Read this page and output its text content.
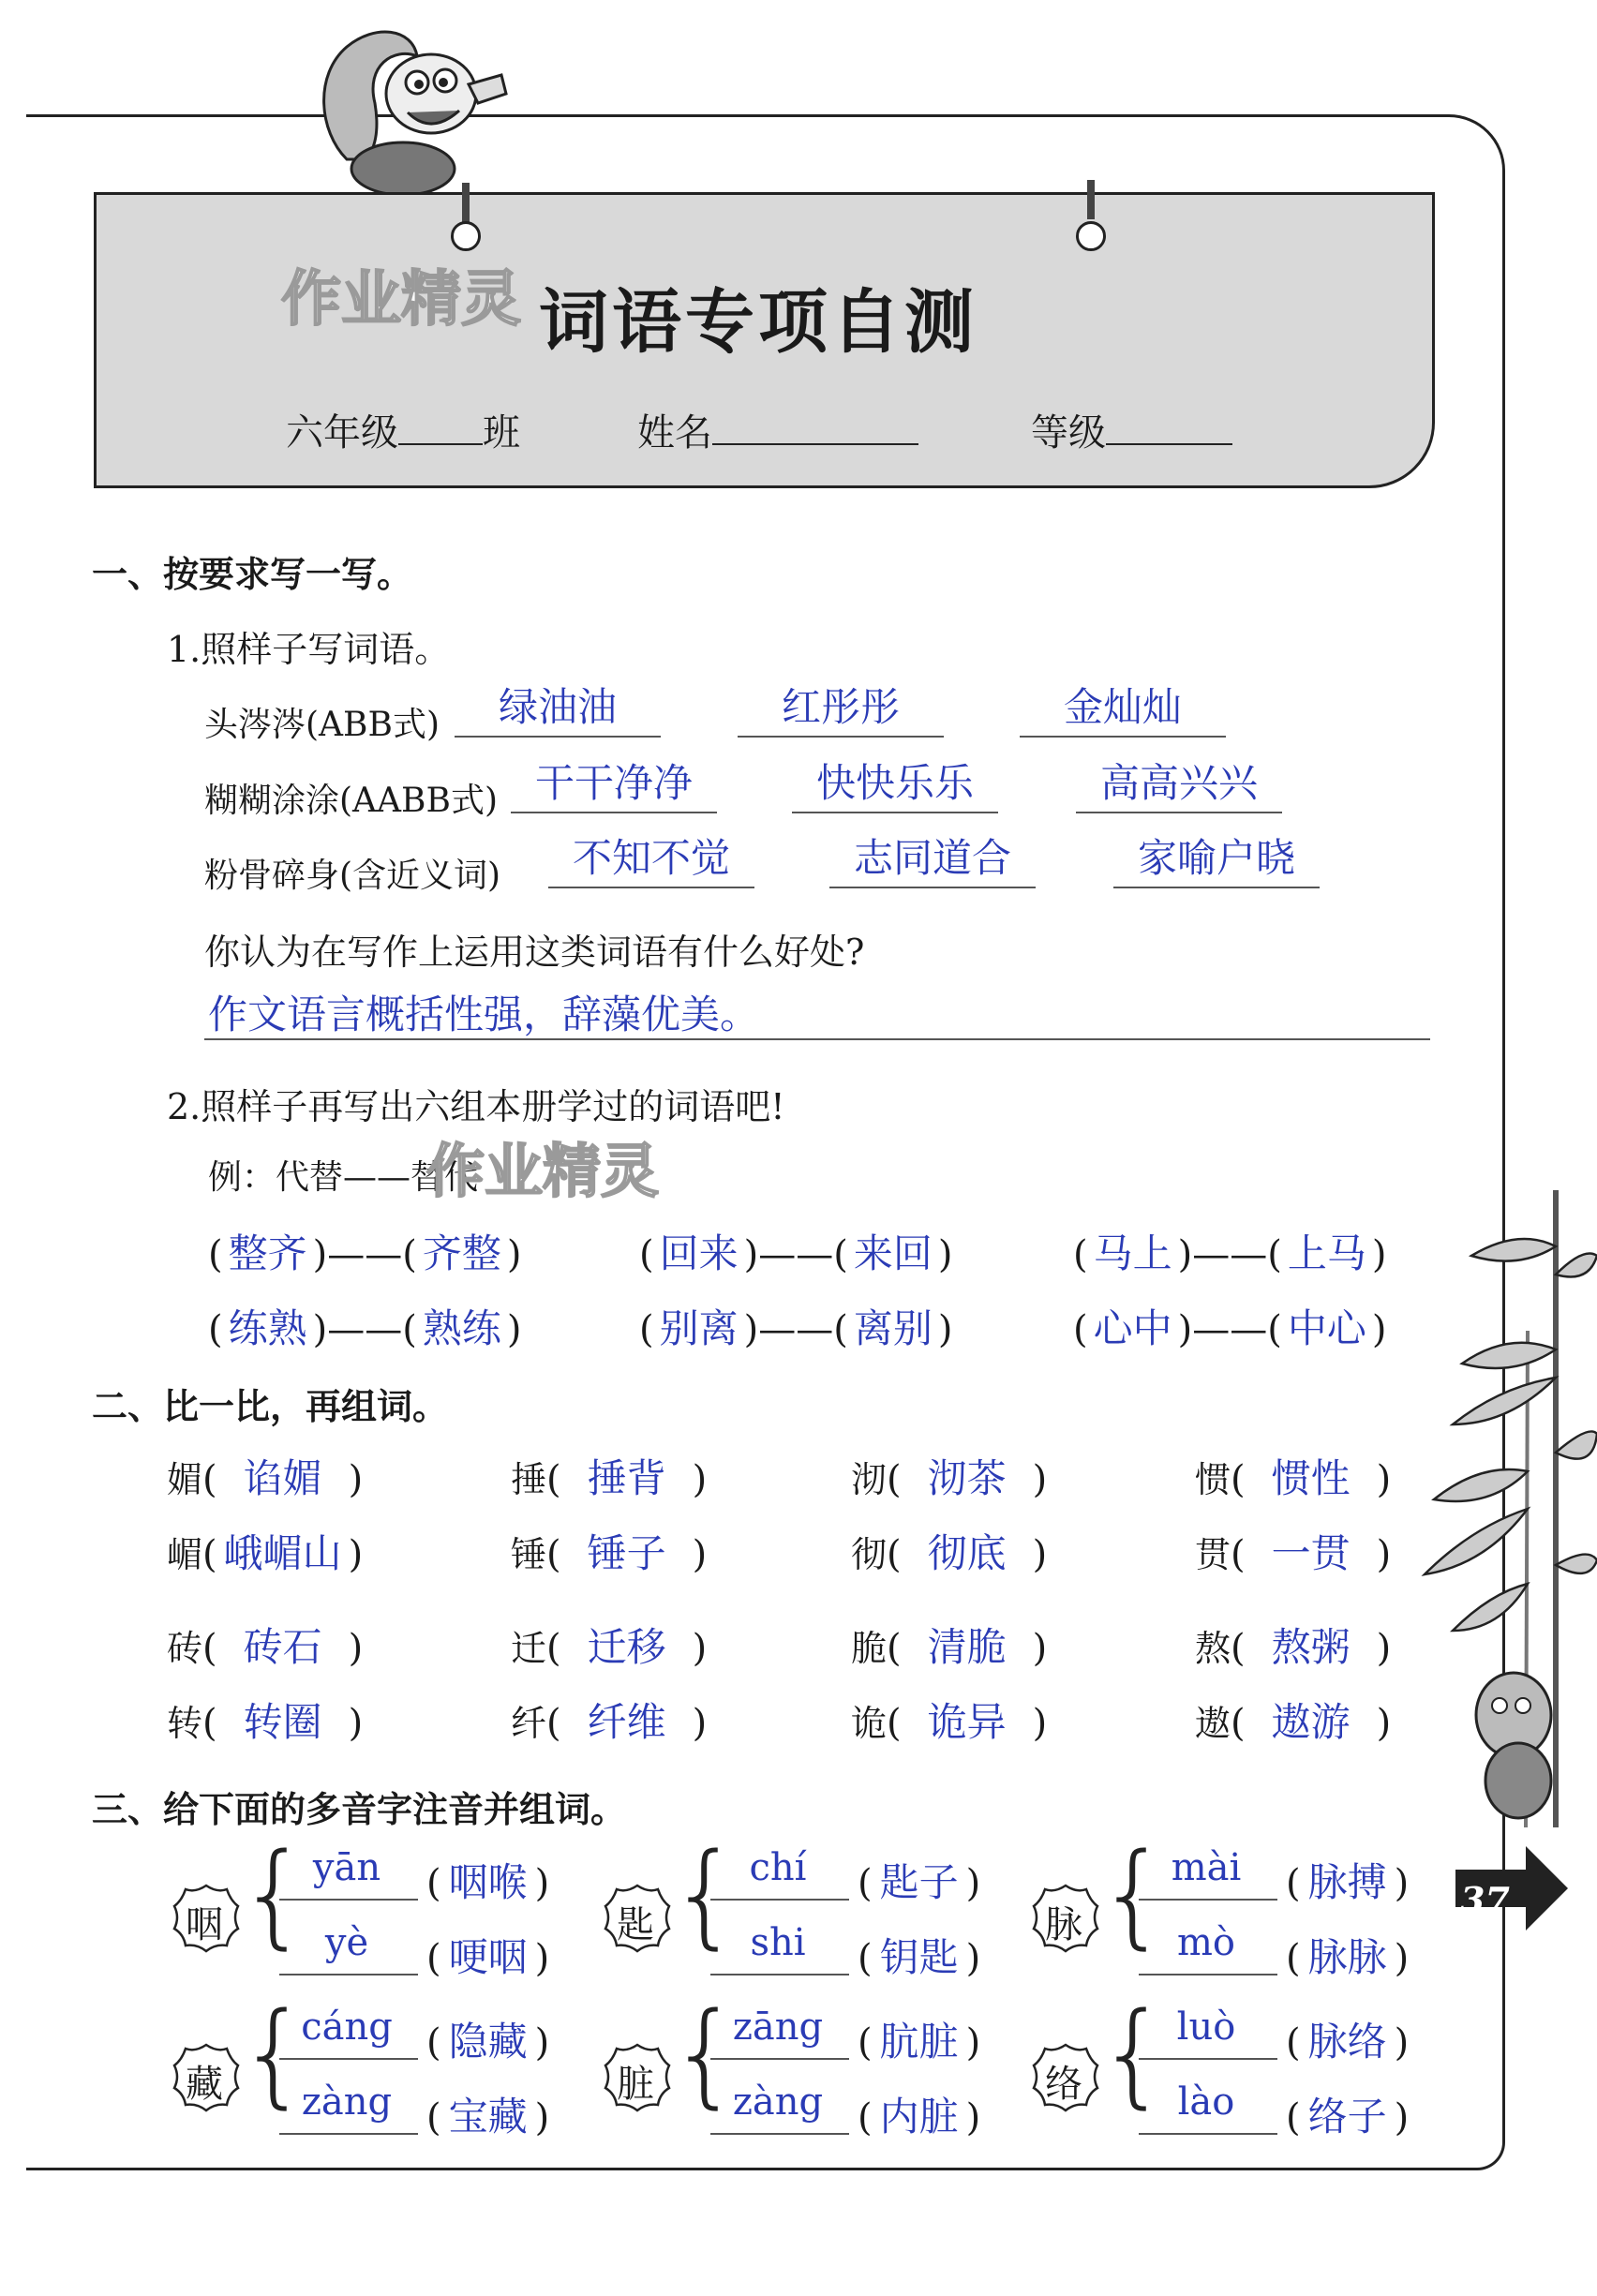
作业精灵 词语专项自测
六年级 班	姓名	等级
一、按要求写一写。
1.照样子写词语。
头涔涔(ABB式)	绿油油	红彤彤	金灿灿
糊糊涂涂(AABB式) 干干净净	快快乐乐	高高兴兴
粉骨碎身(含近义词)	不知不觉	志同道合	家喻户晓
你认为在写作上运用这类词语有什么好处?
作文语言概括性强，辞藻优美。
2.照样子再写出六组本册学过的词语吧!
例：代替——替代
作业精灵
( 整齐 )——( 齐整 )	( 回来 )——( 来回 )	( 马上 )——( 上马 )
( 练熟 )——( 熟练 )	( 别离 )——( 离别 )	( 心中 )——( 中心 )
二、比一比，再组词。
媚( 谄媚 )	捶( 捶背 )	沏( 沏茶 )	惯( 惯性 )
嵋( 峨嵋山 )	锤( 锤子 )	彻( 彻底 )	贯( 一贯 )
砖( 砖石 )	迁( 迁移 )	脆( 清脆 )	熬( 熬粥 )
转( 转圈 )	纤( 纤维 )	诡( 诡异 )	遨( 遨游 )
三、给下面的多音字注音并组词。
咽 { yān	( 咽喉 )
yè	( 哽咽 )
匙 { chí	( 匙子 )
shi	( 钥匙 )
脉 { mài	( 脉搏 )
mò	( 脉脉 )
藏 {
cáng ( 隐藏 )
zàng ( 宝藏 )
脏 {
zāng ( 肮脏 )
zàng ( 内脏 )
络 { luò	( 脉络 )
lào	( 络子 )
37
